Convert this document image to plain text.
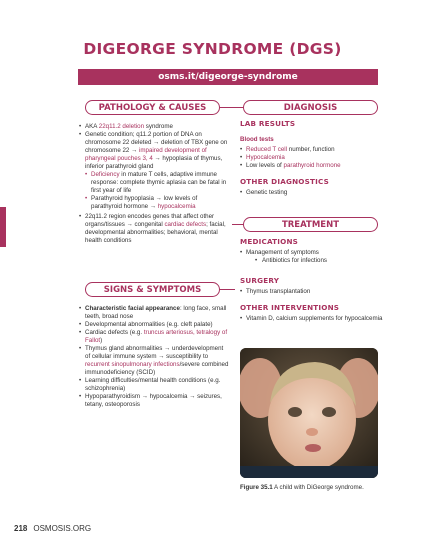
DIGEORGE SYNDROME (DGS)
osms.it/digeorge-syndrome
PATHOLOGY & CAUSES

• AKA 22q11.2 deletion syndrome

• Genetic condition; q11.2 portion of DNA on chromosome 22 deleted → deletion of TBX gene on chromosome 22 → impaired development of pharyngeal pouches 3, 4 → hypoplasia of thymus, inferior parathyroid gland

• Deficiency in mature T cells, adaptive immune response: complete thymic aplasia can be fatal in first year of life

• Parathyroid hypoplasia → low levels of parathyroid hormone → hypocalcemia

• 22q11.2 region encodes genes that affect other organs/tissues → congenital cardiac defects; facial, developmental abnormalities; behavioral, mental health conditions

SIGNS & SYMPTOMS

• Characteristic facial appearance: long face, small teeth, broad nose

• Developmental abnormalities (e.g. cleft palate)

• Cardiac defects (e.g. truncus arteriosus, tetralogy of Fallot)

• Thymus gland abnormalities → underdevelopment of cellular immune system → susceptibility to recurrent sinopulmonary infections/severe combined immunodeficiency (SCID)

• Learning difficulties/mental health conditions (e.g. schizophrenia)

• Hypoparathyroidism → hypocalcemia → seizures, tetany, osteoporosis

DIAGNOSIS
LAB RESULTS
Blood tests

• Reduced T cell number, function

• Hypocalcemia

• Low levels of parathyroid hormone

OTHER DIAGNOSTICS

• Genetic testing

TREATMENT
MEDICATIONS

• Management of symptoms

• Antibiotics for infections

SURGERY

• Thymus transplantation

OTHER INTERVENTIONS

• Vitamin D, calcium supplements for hypocalcemia

Figure 35.1 A child with DiGeorge syndrome.
218 OSMOSIS.ORG
